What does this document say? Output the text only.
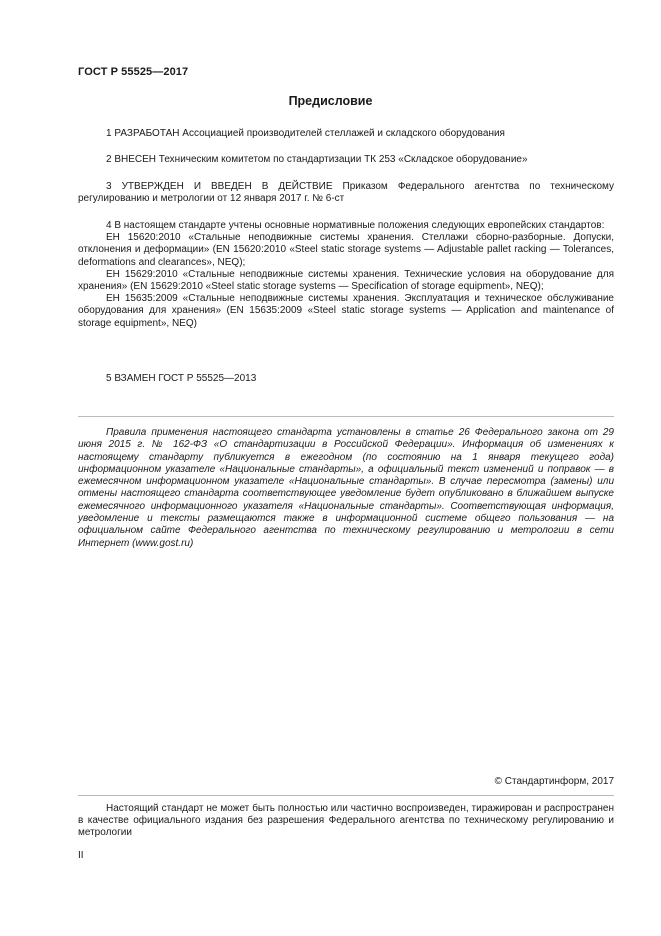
ГОСТ Р 55525—2017
Предисловие

1 РАЗРАБОТАН Ассоциацией производителей стеллажей и складского оборудования

2 ВНЕСЕН Техническим комитетом по стандартизации ТК 253 «Складское оборудование»

3 УТВЕРЖДЕН И ВВЕДЕН В ДЕЙСТВИЕ Приказом Федерального агентства по техническому регулированию и метрологии от 12 января 2017 г. № 6-ст

4 В настоящем стандарте учтены основные нормативные положения следующих европейских стандартов:

ЕН 15620:2010 «Стальные неподвижные системы хранения. Стеллажи сборно-разборные. Допуски, отклонения и деформации» (EN 15620:2010 «Steel static storage systems — Adjustable pallet racking — Tolerances, deformations and clearances», NEQ);

ЕН 15629:2010 «Стальные неподвижные системы хранения. Технические условия на оборудование для хранения» (EN 15629:2010 «Steel static storage systems — Specification of storage equipment», NEQ);

ЕН 15635:2009 «Стальные неподвижные системы хранения. Эксплуатация и техническое обслуживание оборудования для хранения» (EN 15635:2009 «Steel static storage systems — Application and maintenance of storage equipment», NEQ)

5 ВЗАМЕН ГОСТ Р 55525—2013

Правила применения настоящего стандарта установлены в статье 26 Федерального закона от 29 июня 2015 г. № 162-ФЗ «О стандартизации в Российской Федерации». Информация об изменениях к настоящему стандарту публикуется в ежегодном (по состоянию на 1 января текущего года) информационном указателе «Национальные стандарты», а официальный текст изменений и поправок — в ежемесячном информационном указателе «Национальные стандарты». В случае пересмотра (замены) или отмены настоящего стандарта соответствующее уведомление будет опубликовано в ближайшем выпуске ежемесячного информационного указателя «Национальные стандарты». Соответствующая информация, уведомление и тексты размещаются также в информационной системе общего пользования — на официальном сайте Федерального агентства по техническому регулированию и метрологии в сети Интернет (www.gost.ru)

© Стандартинформ, 2017

Настоящий стандарт не может быть полностью или частично воспроизведен, тиражирован и распространен в качестве официального издания без разрешения Федерального агентства по техническому регулированию и метрологии

II
